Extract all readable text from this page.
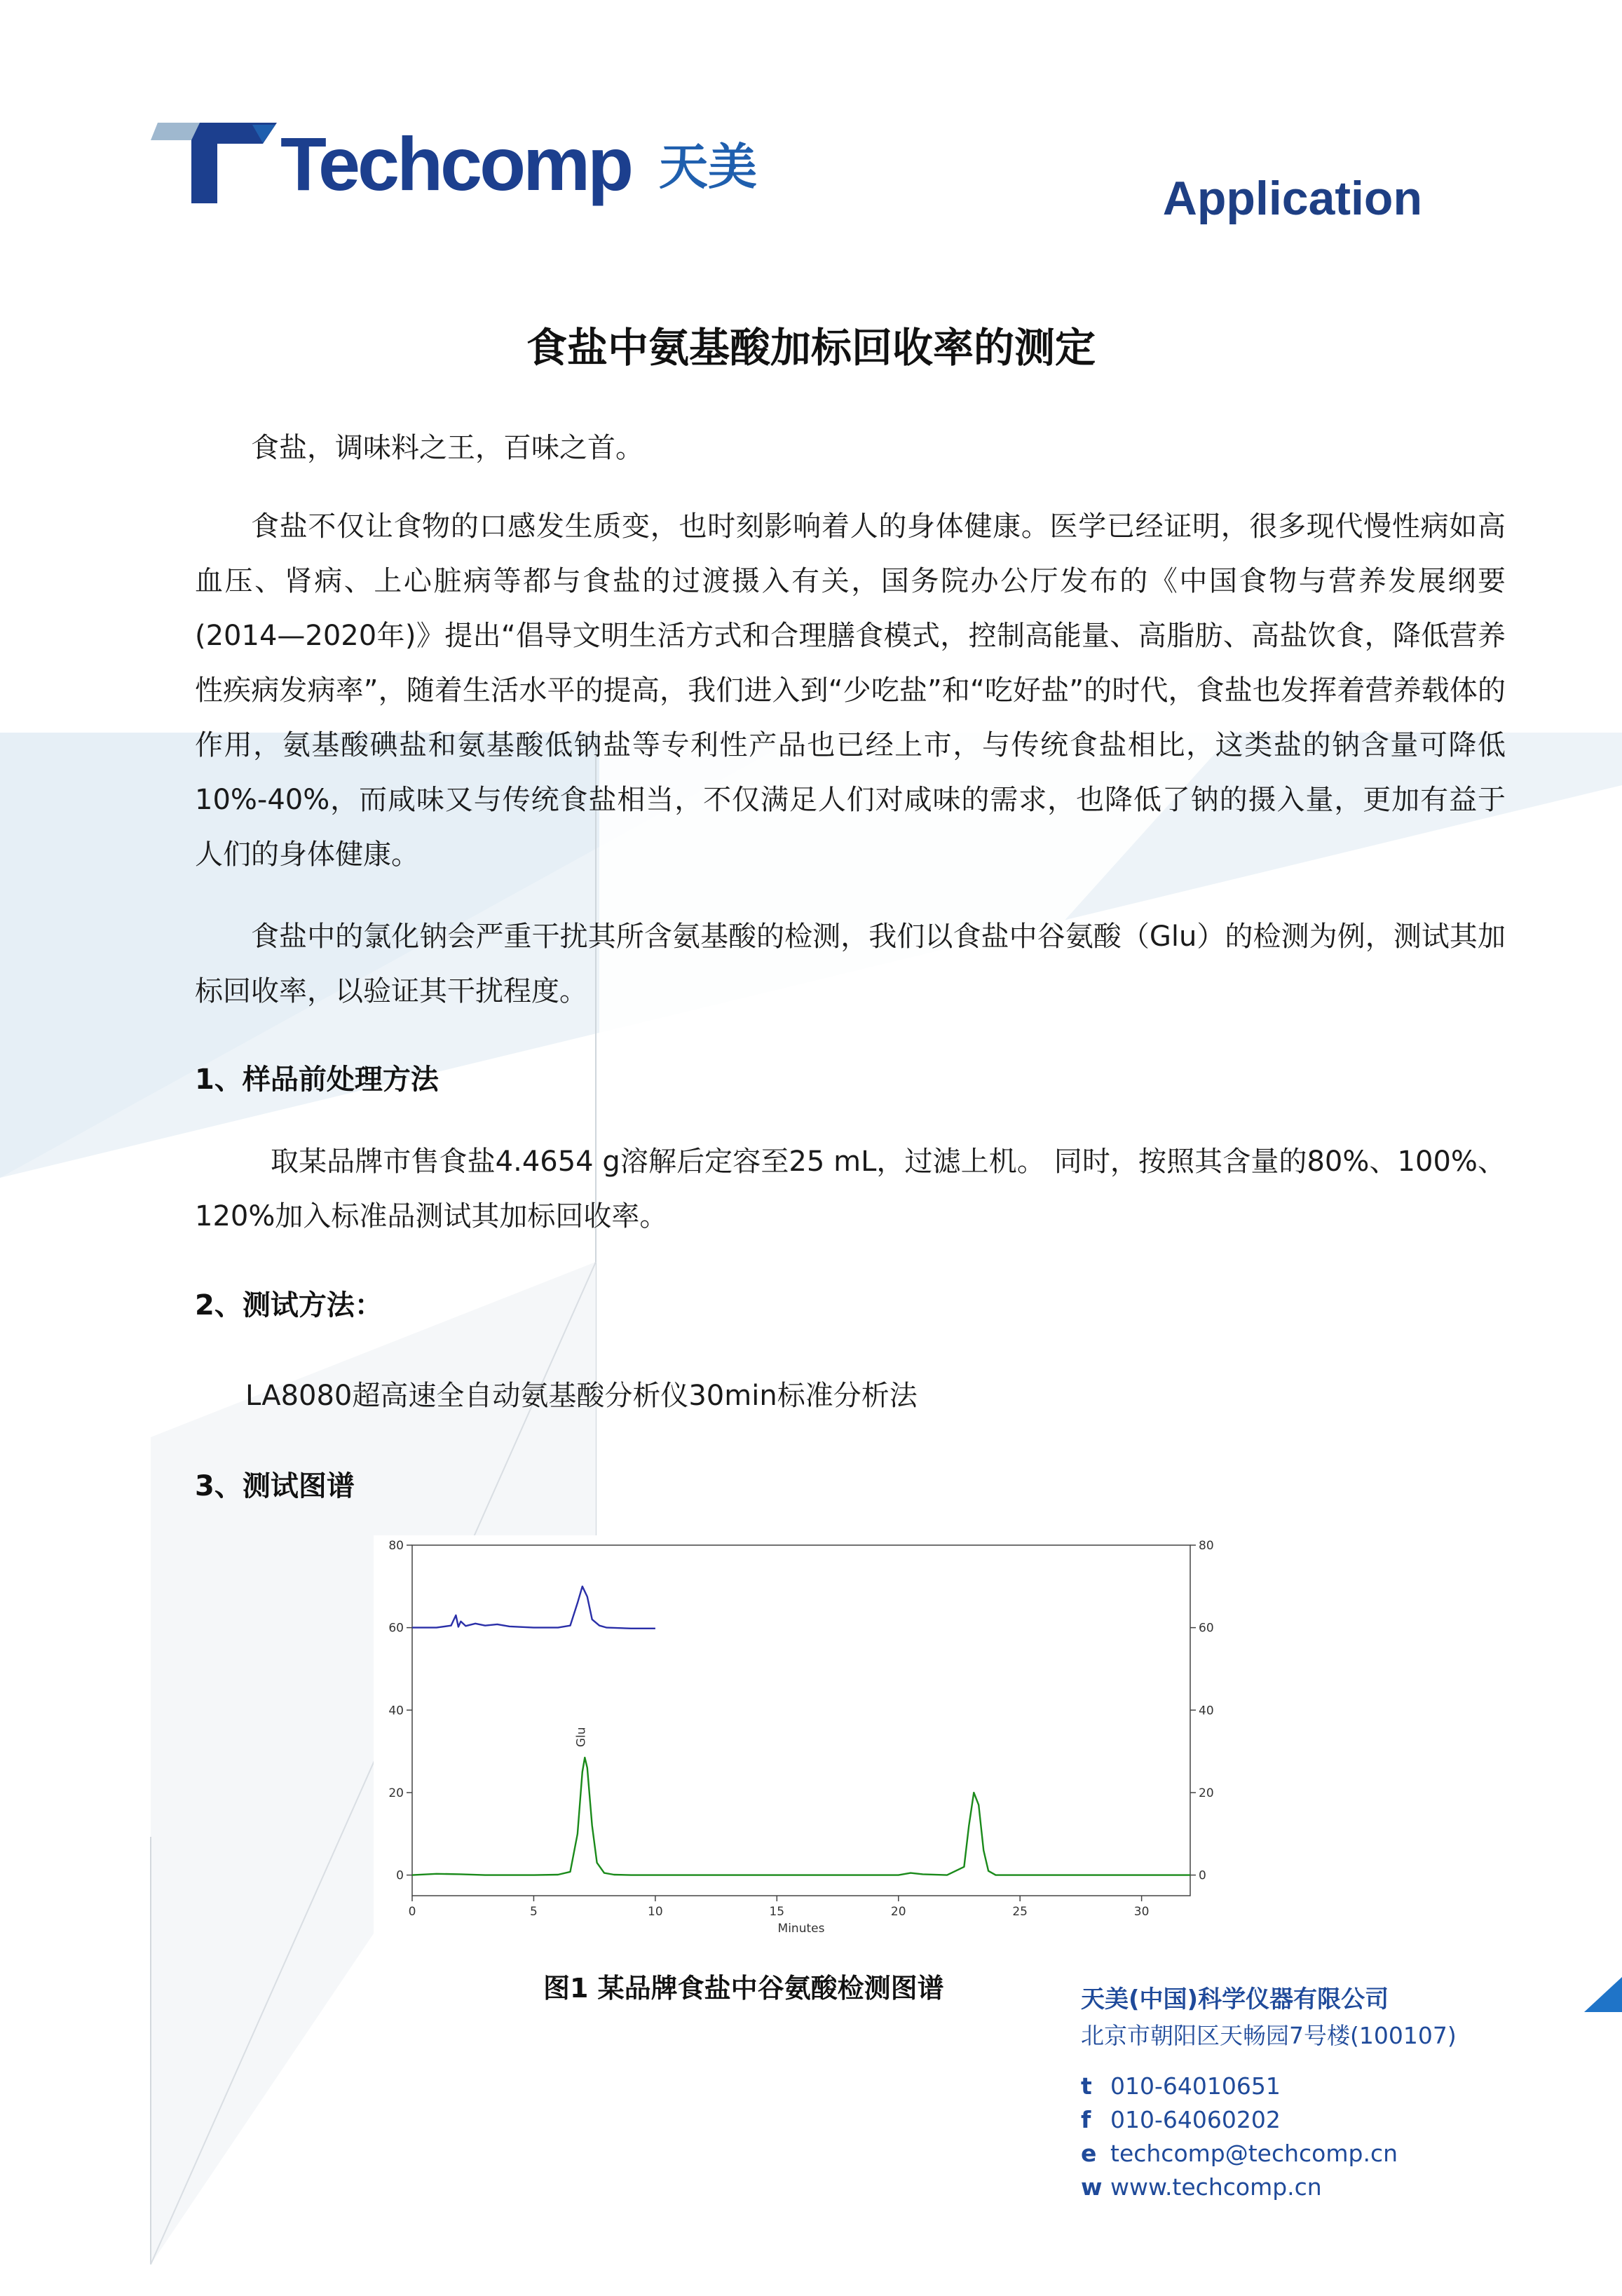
Techcomp 天美
Application
食盐中氨基酸加标回收率的测定
食盐，调味料之王，百味之首。
食盐不仅让食物的口感发生质变，也时刻影响着人的身体健康。医学已经证明，很多现代慢性病如高血压、肾病、上心脏病等都与食盐的过渡摄入有关，国务院办公厅发布的《中国食物与营养发展纲要(2014—2020年)》提出“倡导文明生活方式和合理膳食模式，控制高能量、高脂肪、高盐饮食，降低营养性疾病发病率”，随着生活水平的提高，我们进入到“少吃盐”和“吃好盐”的时代，食盐也发挥着营养载体的作用，氨基酸碘盐和氨基酸低钠盐等专利性产品也已经上市，与传统食盐相比，这类盐的钠含量可降低10%-40%，而咸味又与传统食盐相当，不仅满足人们对咸味的需求，也降低了钠的摄入量，更加有益于人们的身体健康。
食盐中的氯化钠会严重干扰其所含氨基酸的检测，我们以食盐中谷氨酸（Glu）的检测为例，测试其加标回收率，以验证其干扰程度。
1、样品前处理方法
取某品牌市售食盐4.4654 g溶解后定容至25 mL，过滤上机。 同时，按照其含量的80%、100%、120%加入标准品测试其加标回收率。
2、测试方法：
LA8080超高速全自动氨基酸分析仪30min标准分析法
3、测试图谱
0	0
20	20
40	40
60	60
80	80
0	5	10	15	20	25	30
Minutes
Glu
图1 某品牌食盐中谷氨酸检测图谱	天美(中国)科学仪器有限公司
北京市朝阳区天畅园7号楼(100107)
t 010-64010651
f 010-64060202
e techcomp@techcomp.cn
w www.techcomp.cn
